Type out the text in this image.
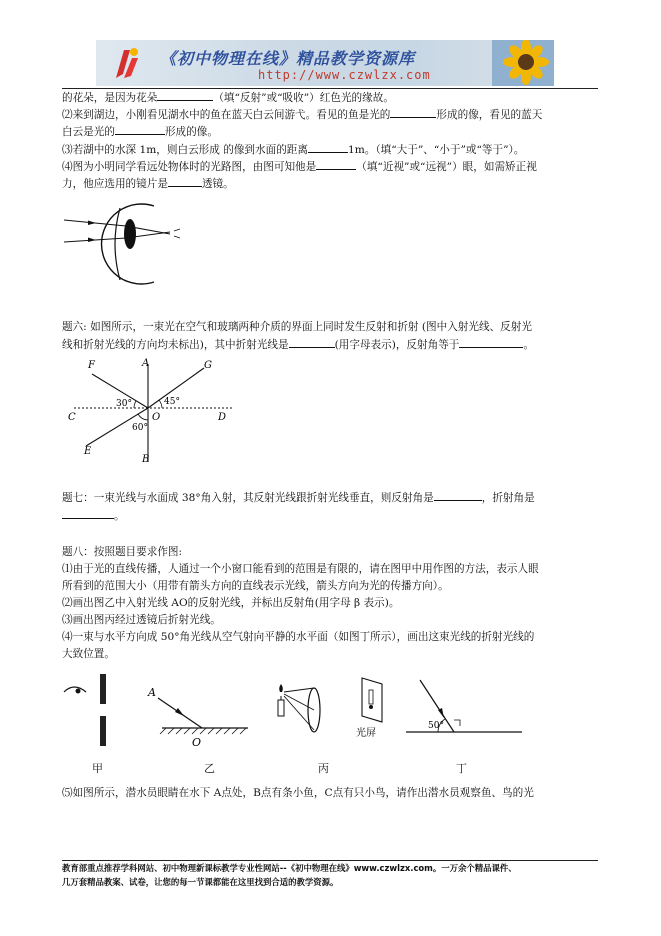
《初中物理在线》精品教学资源库
http://www.czwlzx.com
的花朵，是因为花朵	（填“反射”或“吸收”）红色光的缘故。
⑵来到湖边，小刚看见湖水中的鱼在蓝天白云间游弋。看见的鱼是光的	形成的像，看见的蓝天
白云是光的	形成的像。
⑶若湖中的水深 1m，则白云形成 的像到水面的距离	1m。（填“大于”、“小于”或“等于”）。
⑷图为小明同学看远处物体时的光路图，由图可知他是	（填“近视”或“远视”）眼，如需矫正视
力，他应选用的镜片是	透镜。
题六: 如图所示，一束光在空气和玻璃两种介质的界面上同时发生反射和折射 (图中入射光线、反射光
线和折射光线的方向均未标出)，其中折射光线是	(用字母表示)，反射角等于	。
F	A	G
C	D
O
E
B
30°	45°
60°
题七：一束光线与水面成 38°角入射，其反射光线跟折射光线垂直，则反射角是	，折射角是
。
题八：按照题目要求作图:
⑴由于光的直线传播，人通过一个小窗口能看到的范围是有限的，请在图甲中用作图的方法，表示人眼
所看到的范围大小（用带有箭头方向的直线表示光线，箭头方向为光的传播方向）。
⑵画出图乙中入射光线 AO的反射光线，并标出反射角(用字母 β 表示)。
⑶画出图丙经过透镜后折射光线。
⑷一束与水平方向成 50°角光线从空气射向平静的水平面（如图丁所示），画出这束光线的折射光线的
大致位置。
A
O
光屏
50°
甲	乙	丙	丁
⑸如图所示，潜水员眼睛在水下 A点处，B点有条小鱼，C点有只小鸟，请作出潜水员观察鱼、鸟的光
教育部重点推荐学科网站、初中物理新课标教学专业性网站--《初中物理在线》www.czwlzx.com。一万余个精品课件、
几万套精品教案、试卷，让您的每一节课都能在这里找到合适的教学资源。
